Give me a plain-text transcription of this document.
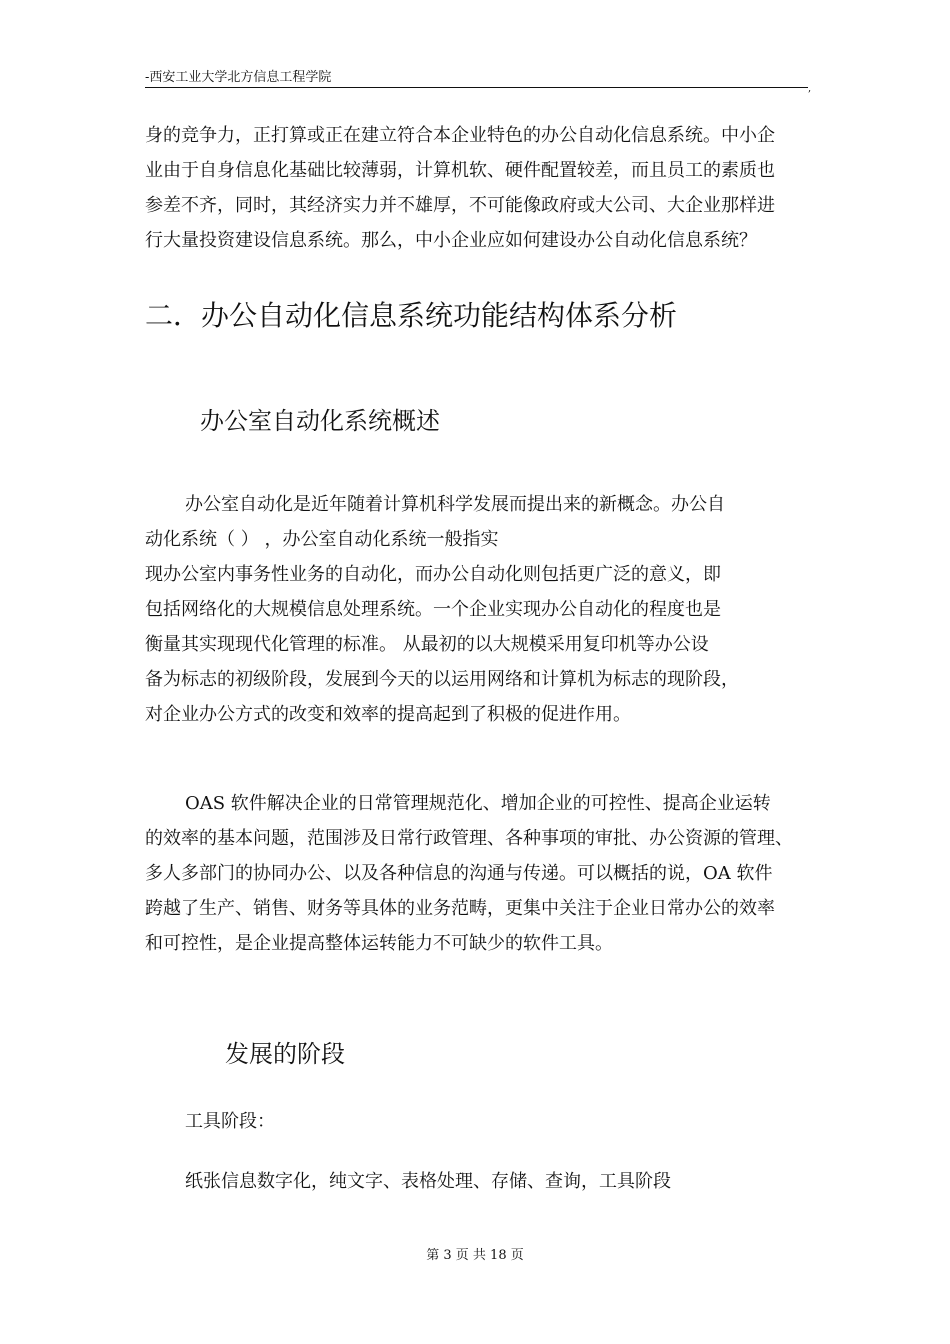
-西安工业大学北方信息工程学院
,
身的竞争力，正打算或正在建立符合本企业特色的办公自动化信息系统。中小企
业由于自身信息化基础比较薄弱，计算机软、硬件配置较差，而且员工的素质也
参差不齐，同时，其经济实力并不雄厚，不可能像政府或大公司、大企业那样进
行大量投资建设信息系统。那么，中小企业应如何建设办公自动化信息系统？
二．办公自动化信息系统功能结构体系分析
办公室自动化系统概述
办公室自动化是近年随着计算机科学发展而提出来的新概念。办公自
动化系统（ ） ，办公室自动化系统一般指实
现办公室内事务性业务的自动化，而办公自动化则包括更广泛的意义，即
包括网络化的大规模信息处理系统。一个企业实现办公自动化的程度也是
衡量其实现现代化管理的标准。 从最初的以大规模采用复印机等办公设
备为标志的初级阶段，发展到今天的以运用网络和计算机为标志的现阶段，
对企业办公方式的改变和效率的提高起到了积极的促进作用。
OAS 软件解决企业的日常管理规范化、增加企业的可控性、提高企业运转
的效率的基本问题，范围涉及日常行政管理、各种事项的审批、办公资源的管理、
多人多部门的协同办公、以及各种信息的沟通与传递。可以概括的说，OA 软件
跨越了生产、销售、财务等具体的业务范畴，更集中关注于企业日常办公的效率
和可控性，是企业提高整体运转能力不可缺少的软件工具。
发展的阶段
工具阶段：
纸张信息数字化，纯文字、表格处理、存储、查询，工具阶段
第 3 页 共 18 页
